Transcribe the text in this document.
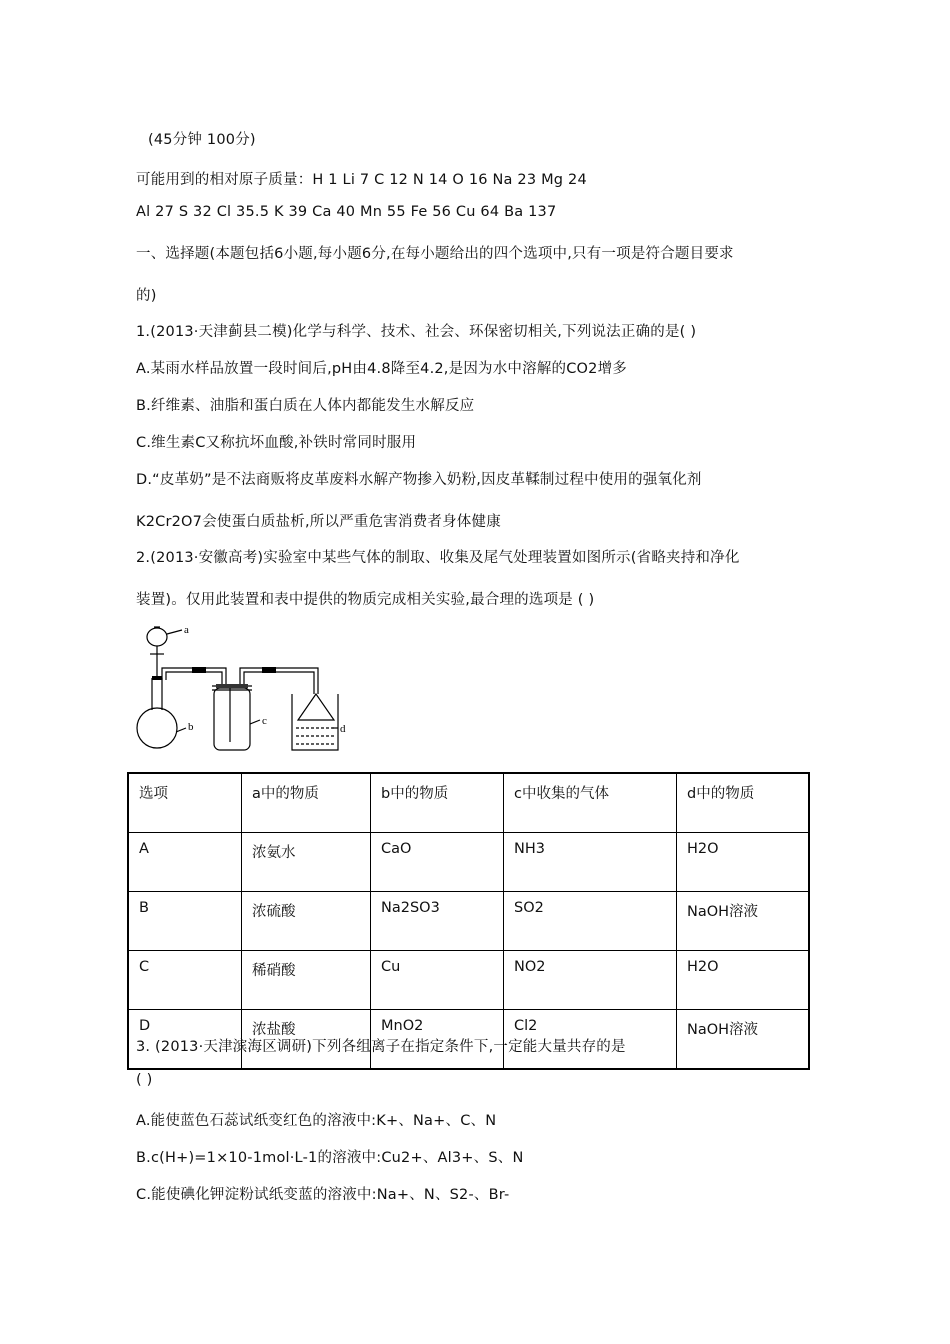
(45分钟 100分)
可能用到的相对原子质量：H 1 Li 7 C 12 N 14 O 16 Na 23 Mg 24
Al 27 S 32 Cl 35.5 K 39 Ca 40 Mn 55 Fe 56 Cu 64 Ba 137
一、选择题(本题包括6小题,每小题6分,在每小题给出的四个选项中,只有一项是符合题目要求
的)
1.(2013·天津蓟县二模)化学与科学、技术、社会、环保密切相关,下列说法正确的是( )
A.某雨水样品放置一段时间后,pH由4.8降至4.2,是因为水中溶解的CO2增多
B.纤维素、油脂和蛋白质在人体内都能发生水解反应
C.维生素C又称抗坏血酸,补铁时常同时服用
D.“皮革奶”是不法商贩将皮革废料水解产物掺入奶粉,因皮革鞣制过程中使用的强氧化剂
K2Cr2O7会使蛋白质盐析,所以严重危害消费者身体健康
2.(2013·安徽高考)实验室中某些气体的制取、收集及尾气处理装置如图所示(省略夹持和净化
装置)。仅用此装置和表中提供的物质完成相关实验,最合理的选项是 ( )
a
b	c
d
选项	a中的物质	b中的物质	c中收集的气体	d中的物质
A	浓氨水	CaO	NH3	H2O
B	浓硫酸	Na2SO3	SO2	NaOH溶液
C	稀硝酸	Cu	NO2	H2O
D	浓盐酸	MnO2	Cl2	NaOH溶液
3. (2013·天津滨海区调研)下列各组离子在指定条件下,一定能大量共存的是
( )
A.能使蓝色石蕊试纸变红色的溶液中:K+、Na+、C、N
B.c(H+)=1×10-1mol·L-1的溶液中:Cu2+、Al3+、S、N
C.能使碘化钾淀粉试纸变蓝的溶液中:Na+、N、S2-、Br-
